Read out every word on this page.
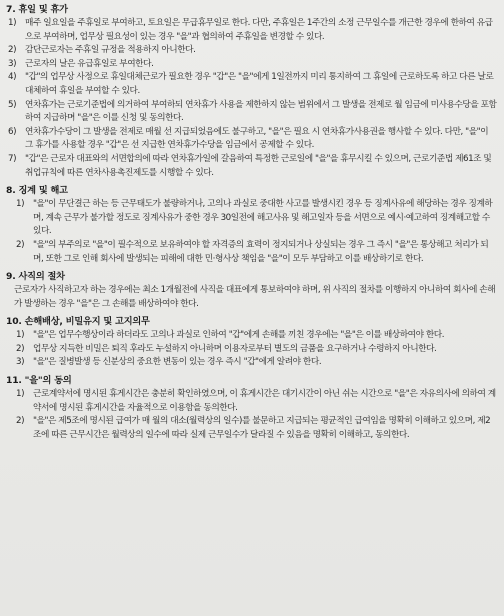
7. 휴일 및 휴가
1)	매주 일요일을 주휴일로 부여하고, 토요일은 무급휴무일로 한다. 다만, 주휴일은 1주간의 소정 근무일수를 개근한 경우에 한하여 유급으로 부여하며, 업무상 필요성이 있는 경우 "을"과 협의하여 주휴일을 변경할 수 있다.
2)	감단근로자는 주휴일 규정을 적용하지 아니한다.
3)	근로자의 날은 유급휴일로 부여한다.
4)	"갑"의 업무상 사정으로 휴일대체근로가 필요한 경우 "갑"은 "을"에게 1일전까지 미리 통지하여 그 휴일에 근로하도록 하고 다른 날로 대체하여 휴일을 부여할 수 있다.
5)	연차휴가는 근로기준법에 의거하여 부여하되 연차휴가 사용을 제한하지 않는 범위에서 그 발생을 전제로 월 임금에 미사용수당을 포함하여 지급하며 "을"은 이를 신청 및 동의한다.
6)	연차휴가수당이 그 발생을 전제로 매월 선 지급되었음에도 불구하고, "을"은 필요 시 연차휴가사용권을 행사할 수 있다. 다만, "을"이 그 휴가를 사용할 경우 "갑"은 선 지급한 연차휴가수당을 임금에서 공제할 수 있다.
7)	"갑"은 근로자 대표와의 서면합의에 따라 연차휴가일에 갈음하여 특정한 근로일에 "을"을 휴무시킬 수 있으며, 근로기준법 제61조 및 취업규칙에 따른 연차사용촉진제도를 시행할 수 있다.
8. 징계 및 해고
1)	"을"이 무단결근 하는 등 근무태도가 불량하거나, 고의나 과실로 중대한 사고를 발생시킨 경우 등 징계사유에 해당하는 경우 징계하며, 계속 근무가 불가할 정도로 징계사유가 중한 경우 30일전에 해고사유 및 해고일자 등을 서면으로 예시·예고하여 징계해고할 수 있다.
2)	"을"의 부주의로 "을"이 필수적으로 보유하여야 할 자격증의 효력이 정지되거나 상실되는 경우 그 즉시 "을"은 통상해고 처리가 되며, 또한 그로 인해 회사에 발생되는 피해에 대한 민·형사상 책임을 "을"이 모두 부담하고 이를 배상하기로 한다.
9. 사직의 절차
근로자가 사직하고자 하는 경우에는 최소 1개월전에 사직을 대표에게 통보하여야 하며, 위 사직의 절차를 이행하지 아니하여 회사에 손해가 발생하는 경우 "을"은 그 손해를 배상하여야 한다.
10. 손해배상, 비밀유지 및 고지의무
1)	"을"은 업무수행상이라 하더라도 고의나 과실로 인하여 "갑"에게 손해를 끼친 경우에는 "을"은 이를 배상하여야 한다.
2)	업무상 지득한 비밀은 퇴직 후라도 누설하지 아니하며 이용자로부터 별도의 금품을 요구하거나 수령하지 아니한다.
3)	"을"은 질병발생 등 신분상의 중요한 변동이 있는 경우 즉시 "갑"에게 알려야 한다.
11. "을"의 동의
1)	근로계약서에 명시된 휴게시간은 충분히 확인하였으며, 이 휴게시간은 대기시간이 아닌 쉬는 시간으로 "을"은 자유의사에 의하여 계약서에 명시된 휴게시간을 자율적으로 이용함을 동의한다.
2)	"을"은 제5조에 명시된 급여가 매 월의 대소(월력상의 일수)를 불문하고 지급되는 평균적인 급여임을 명확히 이해하고 있으며, 제2조에 따른 근무시간은 월력상의 일수에 따라 실제 근무일수가 달라질 수 있음을 명확히 이해하고, 동의한다.
